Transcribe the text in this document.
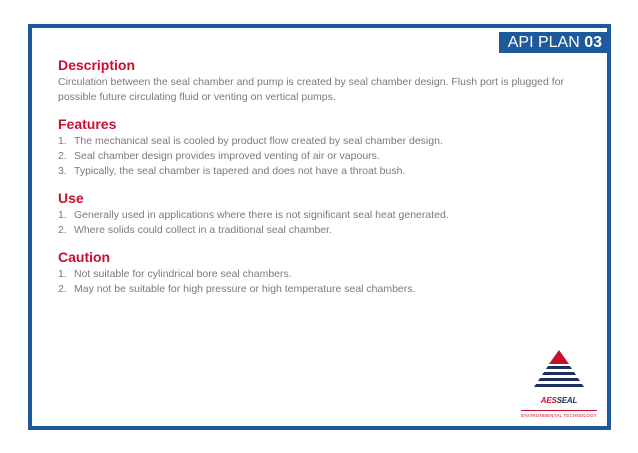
API PLAN 03

Description

Circulation between the seal chamber and pump is created by seal chamber design. Flush port is plugged for possible future circulating fluid or venting on vertical pumps.

Features

1. The mechanical seal is cooled by product flow created by seal chamber design.
2. Seal chamber design provides improved venting of air or vapours.
3. Typically, the seal chamber is tapered and does not have a throat bush.

Use

1. Generally used in applications where there is not significant seal heat generated.
2. Where solids could collect in a traditional seal chamber.

Caution

1. Not suitable for cylindrical bore seal chambers.
2. May not be suitable for high pressure or high temperature seal chambers.
AESSEAL
ENVIRONMENTAL TECHNOLOGY
